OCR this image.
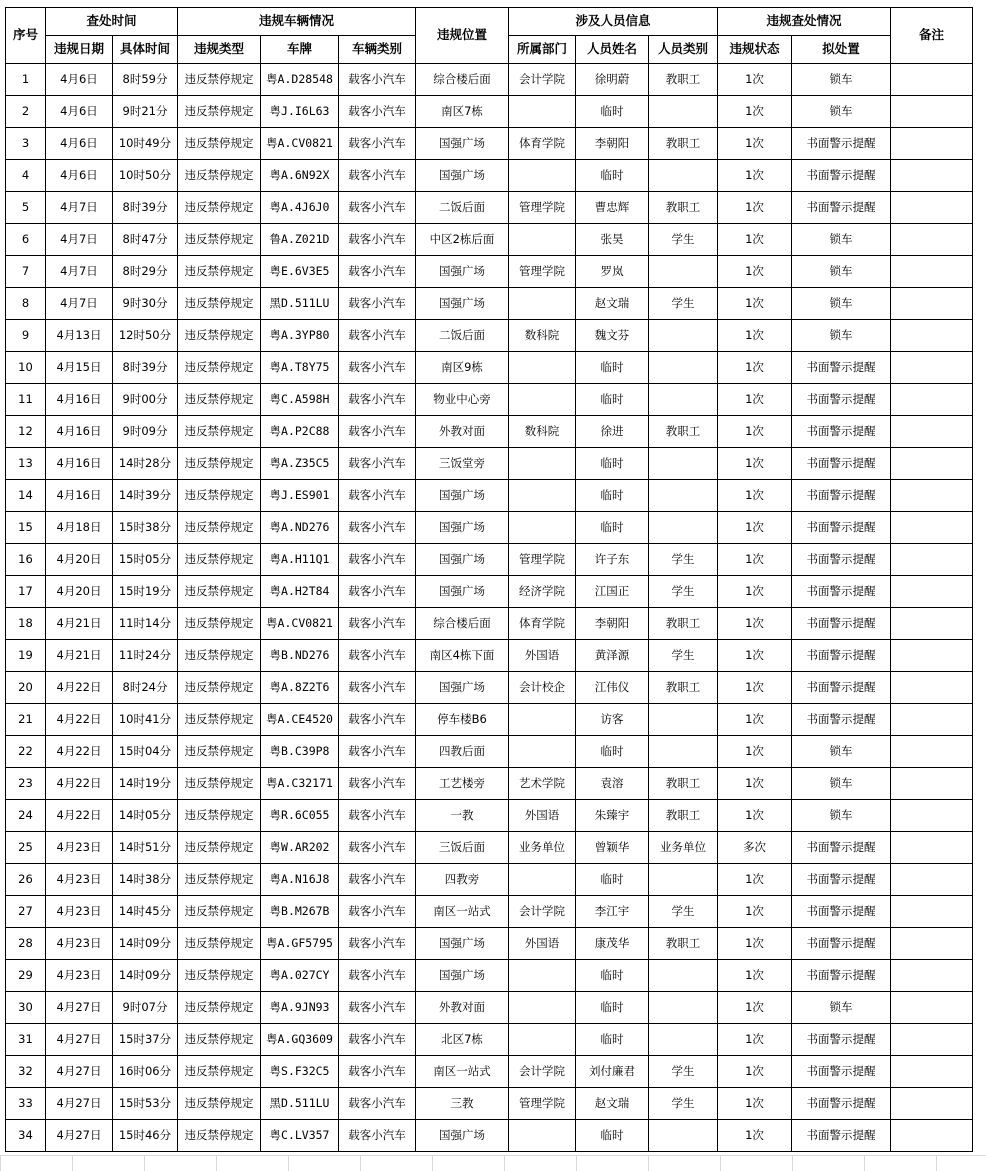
序号	查处时间		违规车辆情况			违规位置	涉及人员信息			违规查处情况		备注
	违规日期	具体时间	违规类型	车牌	车辆类别		所属部门	人员姓名	人员类别	违规状态	拟处置	
1	4月6日	8时59分	违反禁停规定	粤A.D28548	载客小汽车	综合楼后面	会计学院	徐明蔚	教职工	1次	锁车	
2	4月6日	9时21分	违反禁停规定	粤J.I6L63	载客小汽车	南区7栋		临时		1次	锁车	
3	4月6日	10时49分	违反禁停规定	粤A.CV0821	载客小汽车	国强广场	体育学院	李朝阳	教职工	1次	书面警示提醒	
4	4月6日	10时50分	违反禁停规定	粤A.6N92X	载客小汽车	国强广场		临时		1次	书面警示提醒	
5	4月7日	8时39分	违反禁停规定	粤A.4J6J0	载客小汽车	二饭后面	管理学院	曹忠辉	教职工	1次	书面警示提醒	
6	4月7日	8时47分	违反禁停规定	鲁A.Z021D	载客小汽车	中区2栋后面		张昊	学生	1次	锁车	
7	4月7日	8时29分	违反禁停规定	粤E.6V3E5	载客小汽车	国强广场	管理学院	罗岚		1次	锁车	
8	4月7日	9时30分	违反禁停规定	黑D.511LU	载客小汽车	国强广场		赵文瑞	学生	1次	锁车	
9	4月13日	12时50分	违反禁停规定	粤A.3YP80	载客小汽车	二饭后面	数科院	魏文芬		1次	锁车	
10	4月15日	8时39分	违反禁停规定	粤A.T8Y75	载客小汽车	南区9栋		临时		1次	书面警示提醒	
11	4月16日	9时00分	违反禁停规定	粤C.A598H	载客小汽车	物业中心旁		临时		1次	书面警示提醒	
12	4月16日	9时09分	违反禁停规定	粤A.P2C88	载客小汽车	外教对面	数科院	徐进	教职工	1次	书面警示提醒	
13	4月16日	14时28分	违反禁停规定	粤A.Z35C5	载客小汽车	三饭堂旁		临时		1次	书面警示提醒	
14	4月16日	14时39分	违反禁停规定	粤J.ES901	载客小汽车	国强广场		临时		1次	书面警示提醒	
15	4月18日	15时38分	违反禁停规定	粤A.ND276	载客小汽车	国强广场		临时		1次	书面警示提醒	
16	4月20日	15时05分	违反禁停规定	粤A.H11Q1	载客小汽车	国强广场	管理学院	许子东	学生	1次	书面警示提醒	
17	4月20日	15时19分	违反禁停规定	粤A.H2T84	载客小汽车	国强广场	经济学院	江国正	学生	1次	书面警示提醒	
18	4月21日	11时14分	违反禁停规定	粤A.CV0821	载客小汽车	综合楼后面	体育学院	李朝阳	教职工	1次	书面警示提醒	
19	4月21日	11时24分	违反禁停规定	粤B.ND276	载客小汽车	南区4栋下面	外国语	黄泽源	学生	1次	书面警示提醒	
20	4月22日	8时24分	违反禁停规定	粤A.8Z2T6	载客小汽车	国强广场	会计校企	江伟仪	教职工	1次	书面警示提醒	
21	4月22日	10时41分	违反禁停规定	粤A.CE4520	载客小汽车	停车楼B6		访客		1次	书面警示提醒	
22	4月22日	15时04分	违反禁停规定	粤B.C39P8	载客小汽车	四教后面		临时		1次	锁车	
23	4月22日	14时19分	违反禁停规定	粤A.C32171	载客小汽车	工艺楼旁	艺术学院	袁溶	教职工	1次	锁车	
24	4月22日	14时05分	违反禁停规定	粤R.6C055	载客小汽车	一教	外国语	朱臻宇	教职工	1次	锁车	
25	4月23日	14时51分	违反禁停规定	粤W.AR202	载客小汽车	三饭后面	业务单位	曾颖华	业务单位	多次	书面警示提醒	
26	4月23日	14时38分	违反禁停规定	粤A.N16J8	载客小汽车	四教旁		临时		1次	书面警示提醒	
27	4月23日	14时45分	违反禁停规定	粤B.M267B	载客小汽车	南区一站式	会计学院	李江宇	学生	1次	书面警示提醒	
28	4月23日	14时09分	违反禁停规定	粤A.GF5795	载客小汽车	国强广场	外国语	康茂华	教职工	1次	书面警示提醒	
29	4月23日	14时09分	违反禁停规定	粤A.027CY	载客小汽车	国强广场		临时		1次	书面警示提醒	
30	4月27日	9时07分	违反禁停规定	粤A.9JN93	载客小汽车	外教对面		临时		1次	锁车	
31	4月27日	15时37分	违反禁停规定	粤A.GQ3609	载客小汽车	北区7栋		临时		1次	书面警示提醒	
32	4月27日	16时06分	违反禁停规定	粤S.F32C5	载客小汽车	南区一站式	会计学院	刘付廉君	学生	1次	书面警示提醒	
33	4月27日	15时53分	违反禁停规定	黑D.511LU	载客小汽车	三教	管理学院	赵文瑞	学生	1次	书面警示提醒	
34	4月27日	15时46分	违反禁停规定	粤C.LV357	载客小汽车	国强广场		临时		1次	书面警示提醒	
